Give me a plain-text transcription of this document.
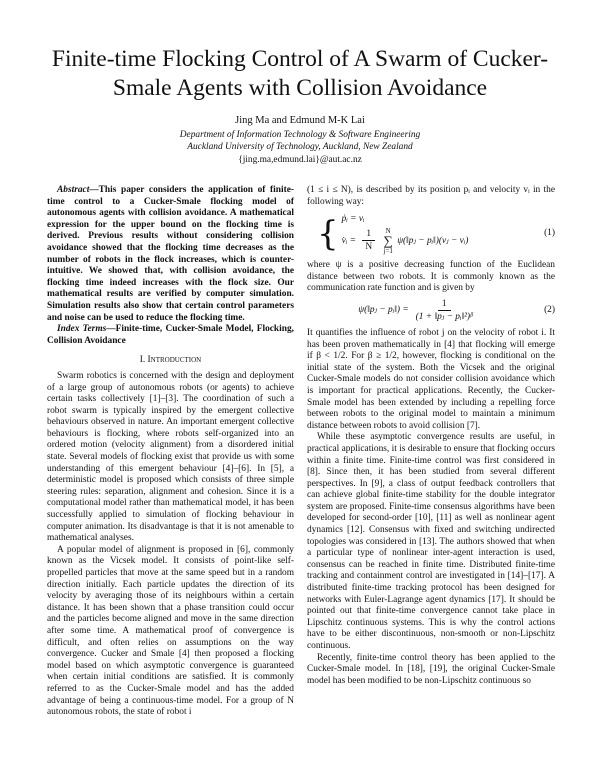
Finite-time Flocking Control of A Swarm of Cucker-Smale Agents with Collision Avoidance
Jing Ma and Edmund M-K Lai
Department of Information Technology & Software Engineering
Auckland University of Technology, Auckland, New Zealand
{jing.ma,edmund.lai}@aut.ac.nz

Abstract—This paper considers the application of finite-time control to a Cucker-Smale flocking model of autonomous agents with collision avoidance. A mathematical expression for the upper bound on the flocking time is derived. Previous results without considering collision avoidance showed that the flocking time decreases as the number of robots in the flock increases, which is counter-intuitive. We showed that, with collision avoidance, the flocking time indeed increases with the flock size. Our mathematical results are verified by computer simulation. Simulation results also show that certain control parameters and noise can be used to reduce the flocking time.

Index Terms—Finite-time, Cucker-Smale Model, Flocking, Collision Avoidance

I. Introduction

Swarm robotics is concerned with the design and deployment of a large group of autonomous robots (or agents) to achieve certain tasks collectively [1]–[3]. The coordination of such a robot swarm is typically inspired by the emergent collective behaviours observed in nature. An important emergent collective behaviours is flocking, where robots self-organized into an ordered motion (velocity alignment) from a disordered initial state. Several models of flocking exist that provide us with some understanding of this emergent behaviour [4]–[6]. In [5], a deterministic model is proposed which consists of three simple steering rules: separation, alignment and cohesion. Since it is a computational model rather than mathematical model, it has been successfully applied to simulation of flocking behaviour in computer animation. Its disadvantage is that it is not amenable to mathematical analyses.

A popular model of alignment is proposed in [6], commonly known as the Vicsek model. It consists of point-like self-propelled particles that move at the same speed but in a random direction initially. Each particle updates the direction of its velocity by averaging those of its neighbours within a certain distance. It has been shown that a phase transition could occur and the particles become aligned and move in the same direction after some time. A mathematical proof of convergence is difficult, and often relies on assumptions on the way convergence. Cucker and Smale [4] then proposed a flocking model based on which asymptotic convergence is guaranteed when certain initial conditions are satisfied. It is commonly referred to as the Cucker-Smale model and has the added advantage of being a continuous-time model. For a group of N autonomous robots, the state of robot i

(1 ≤ i ≤ N), is described by its position pᵢ and velocity vᵢ in the following way:

{ ṗᵢ = vᵢ
v̇ᵢ = $\frac{1}{N}$
N
∑
j=1
ψ(‖pⱼ − pᵢ‖)(vⱼ − vᵢ)
(1)

where ψ is a positive decreasing function of the Euclidean distance between two robots. It is commonly known as the communication rate function and is given by

ψ(‖pⱼ − pᵢ‖) = $\frac{1}{\text{(1 + ‖pⱼ − pᵢ‖²)ᵝ}}$	(2)

It quantifies the influence of robot j on the velocity of robot i. It has been proven mathematically in [4] that flocking will emerge if β < 1/2. For β ≥ 1/2, however, flocking is conditional on the initial state of the system. Both the Vicsek and the original Cucker-Smale models do not consider collision avoidance which is important for practical applications. Recently, the Cucker-Smale model has been extended by including a repelling force between robots to the original model to maintain a minimum distance between robots to avoid collision [7].

While these asymptotic convergence results are useful, in practical applications, it is desirable to ensure that flocking occurs within a finite time. Finite-time control was first considered in [8]. Since then, it has been studied from several different perspectives. In [9], a class of output feedback controllers that can achieve global finite-time stability for the double integrator system are proposed. Finite-time consensus algorithms have been developed for second-order [10], [11] as well as nonlinear agent dynamics [12]. Consensus with fixed and switching undirected topologies was considered in [13]. The authors showed that when a particular type of nonlinear inter-agent interaction is used, consensus can be reached in finite time. Distributed finite-time tracking and containment control are investigated in [14]–[17]. A distributed finite-time tracking protocol has been designed for networks with Euler-Lagrange agent dynamics [17]. It should be pointed out that finite-time convergence cannot take place in Lipschitz continuous systems. This is why the control actions have to be either discontinuous, non-smooth or non-Lipschitz continuous.

Recently, finite-time control theory has been applied to the Cucker-Smale model. In [18], [19], the original Cucker-Smale model has been modified to be non-Lipschitz continuous so
